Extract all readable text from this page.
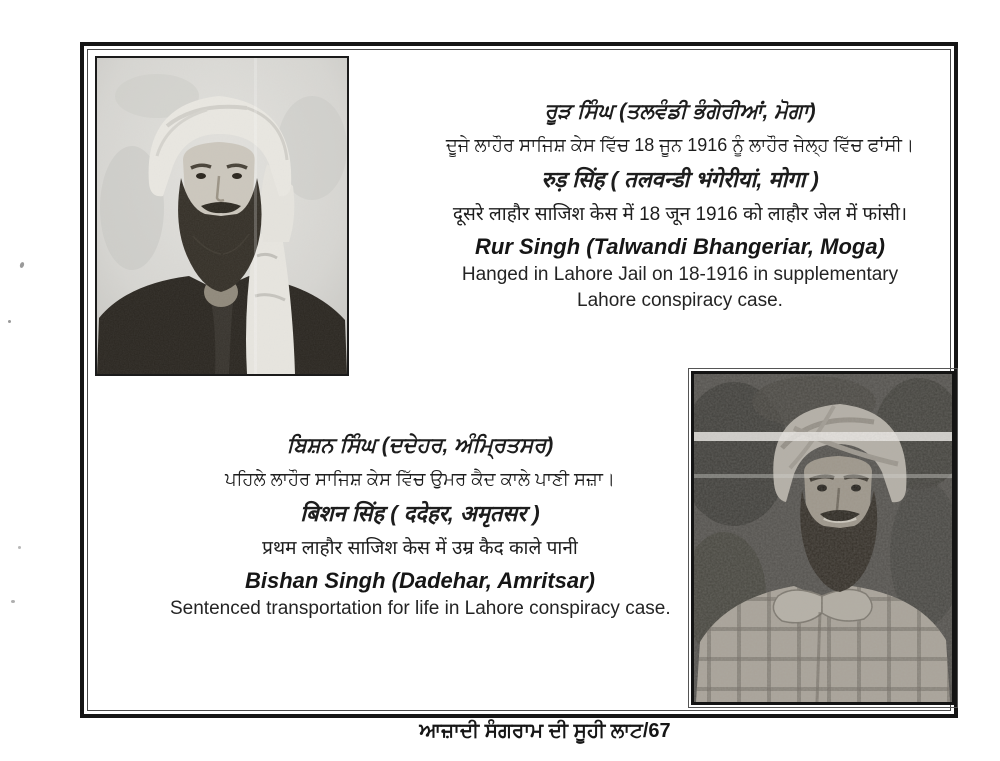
ਰੂੜ ਸਿੰਘ (ਤਲਵੰਡੀ ਭੰਗੇਰੀਆਂ, ਮੋਗਾ)
ਦੂਜੇ ਲਾਹੌਰ ਸਾਜਿਸ਼ ਕੇਸ ਵਿੱਚ 18 ਜੂਨ 1916 ਨੂੰ ਲਾਹੌਰ ਜੇਲ੍ਹ ਵਿੱਚ ਫਾਂਸੀ।
रुड़ सिंह ( तलवन्डी भंगेरीयां, मोगा )
दूसरे लाहौर साजिश केस में 18 जून 1916 को लाहौर जेल में फांसी।
Rur Singh (Talwandi Bhangeriar, Moga)
Hanged in Lahore Jail on 18-1916 in supplementary
Lahore conspiracy case.
ਬਿਸ਼ਨ ਸਿੰਘ (ਦਦੇਹਰ, ਅੰਮ੍ਰਿਤਸਰ)
ਪਹਿਲੇ ਲਾਹੌਰ ਸਾਜਿਸ਼ ਕੇਸ ਵਿੱਚ ਉਮਰ ਕੈਦ ਕਾਲੇ ਪਾਣੀ ਸਜ਼ਾ।
बिशन सिंह ( ददेहर, अमृतसर )
प्रथम लाहौर साजिश केस में उम्र कैद काले पानी
Bishan Singh (Dadehar, Amritsar)
Sentenced transportation for life in Lahore conspiracy case.
ਆਜ਼ਾਦੀ ਸੰਗਰਾਮ ਦੀ ਸੂਹੀ ਲਾਟ/67
